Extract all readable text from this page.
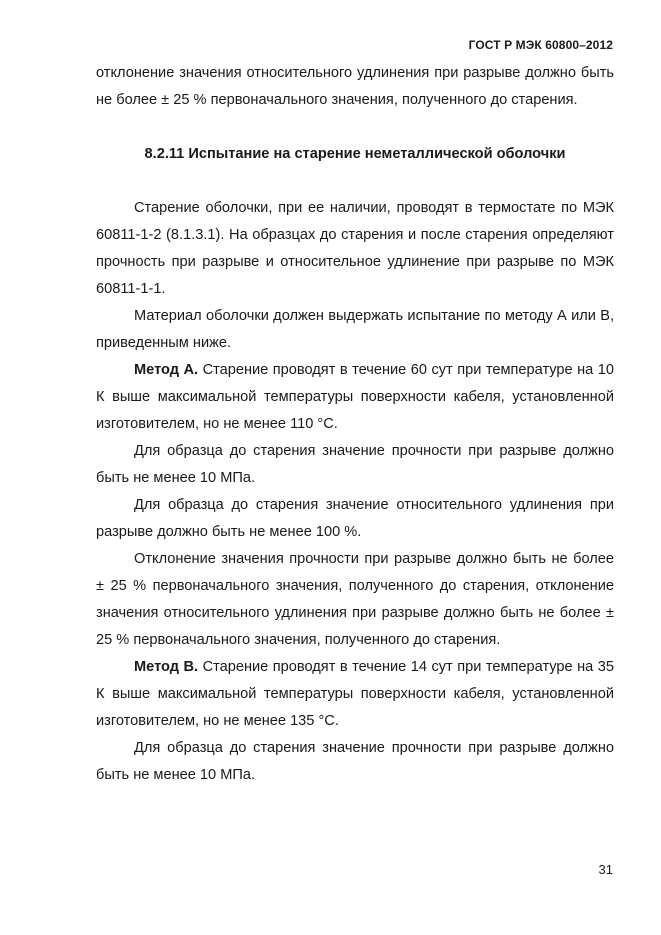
ГОСТ Р МЭК 60800–2012

отклонение значения относительного удлинения при разрыве должно быть не более ± 25 % первоначального значения, полученного до старения.

8.2.11 Испытание на старение неметаллической оболочки

Старение оболочки, при ее наличии, проводят в термостате по МЭК 60811-1-2 (8.1.3.1). На образцах до старения и после старения определяют прочность при разрыве и относительное удлинение при разрыве по МЭК 60811-1-1.

Материал оболочки должен выдержать испытание по методу А или В, приведенным ниже.

Метод А. Старение проводят в течение 60 сут при температуре на 10 К выше максимальной температуры поверхности кабеля, установленной изготовителем, но не менее 110 °С.

Для образца до старения значение прочности при разрыве должно быть не менее 10 МПа.

Для образца до старения значение относительного удлинения при разрыве должно быть не менее 100 %.

Отклонение значения прочности при разрыве должно быть не более ± 25 % первоначального значения, полученного до старения, отклонение значения относительного удлинения при разрыве должно быть не более ± 25 % первоначального значения, полученного до старения.

Метод В. Старение проводят в течение 14 сут при температуре на 35 К выше максимальной температуры поверхности кабеля, установленной изготовителем, но не менее 135 °С.

Для образца до старения значение прочности при разрыве должно быть не менее 10 МПа.

31
